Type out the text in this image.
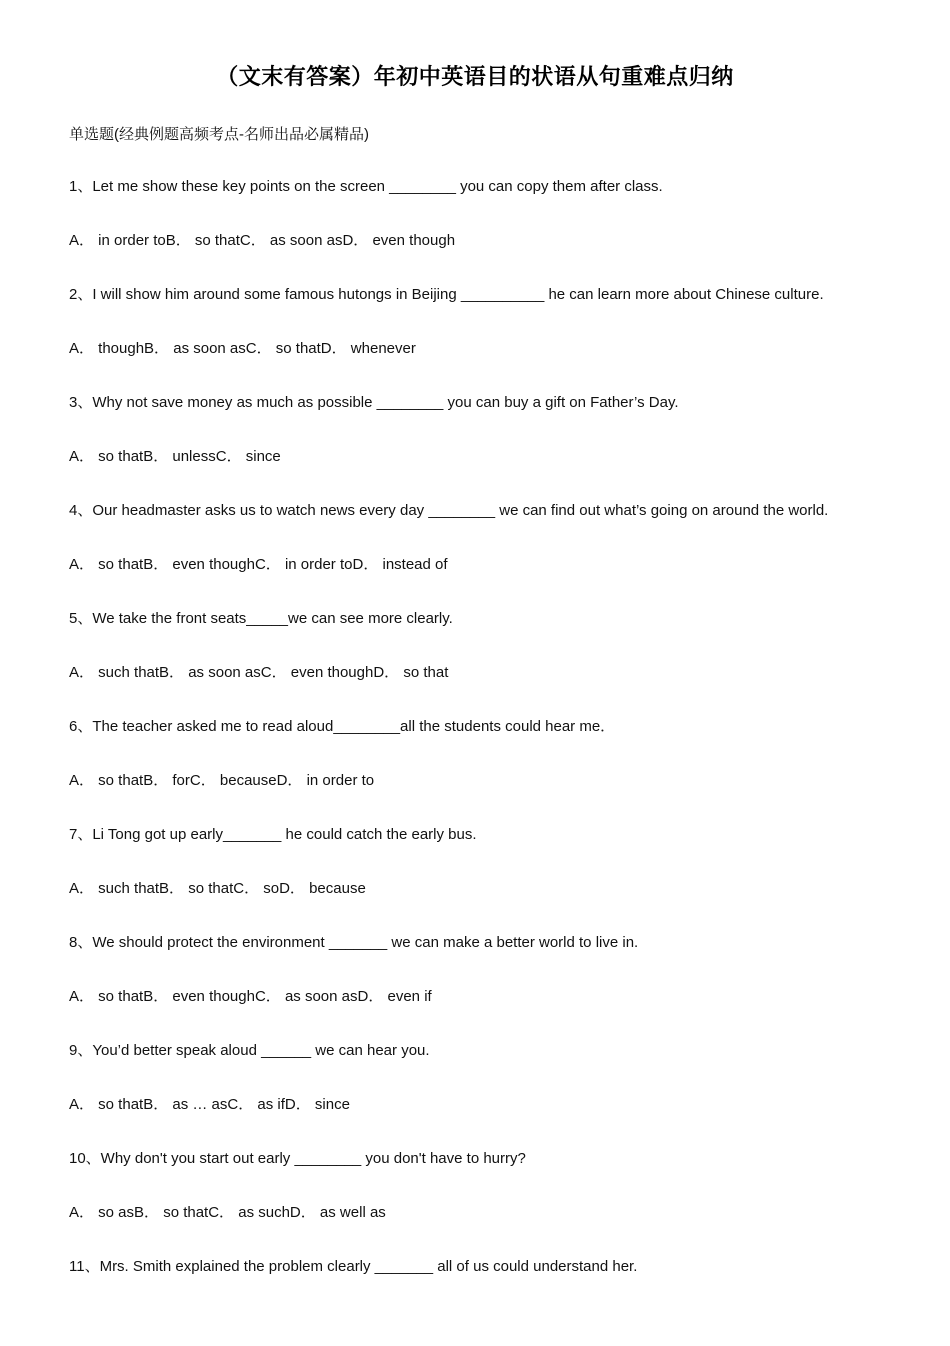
（文末有答案）年初中英语目的状语从句重难点归纳
单选题(经典例题高频考点-名师出品必属精品)
1、Let me show these key points on the screen ________ you can copy them after class.
A． in order toB． so thatC． as soon asD． even though
2、I will show him around some famous hutongs in Beijing __________ he can learn more about Chinese culture.
A． thoughB． as soon asC． so thatD． whenever
3、Why not save money as much as possible ________ you can buy a gift on Father’s Day.
A． so thatB． unlessC． since
4、Our headmaster asks us to watch news every day ________ we can find out what’s going on around the world.
A． so thatB． even thoughC． in order toD． instead of
5、We take the front seats_____we can see more clearly.
A． such thatB． as soon asC． even thoughD． so that
6、The teacher asked me to read aloud________all the students could hear me．
A． so thatB． forC． becauseD． in order to
7、Li Tong got up early_______ he could catch the early bus.
A． such thatB． so thatC． soD． because
8、We should protect the environment _______ we can make a better world to live in.
A． so thatB． even thoughC． as soon asD． even if
9、You’d better speak aloud ______ we can hear you.
A． so thatB． as … asC． as ifD． since
10、Why don't you start out early ________ you don't have to hurry?
A． so asB． so thatC． as suchD． as well as
11、Mrs. Smith explained the problem clearly _______ all of us could understand her.
